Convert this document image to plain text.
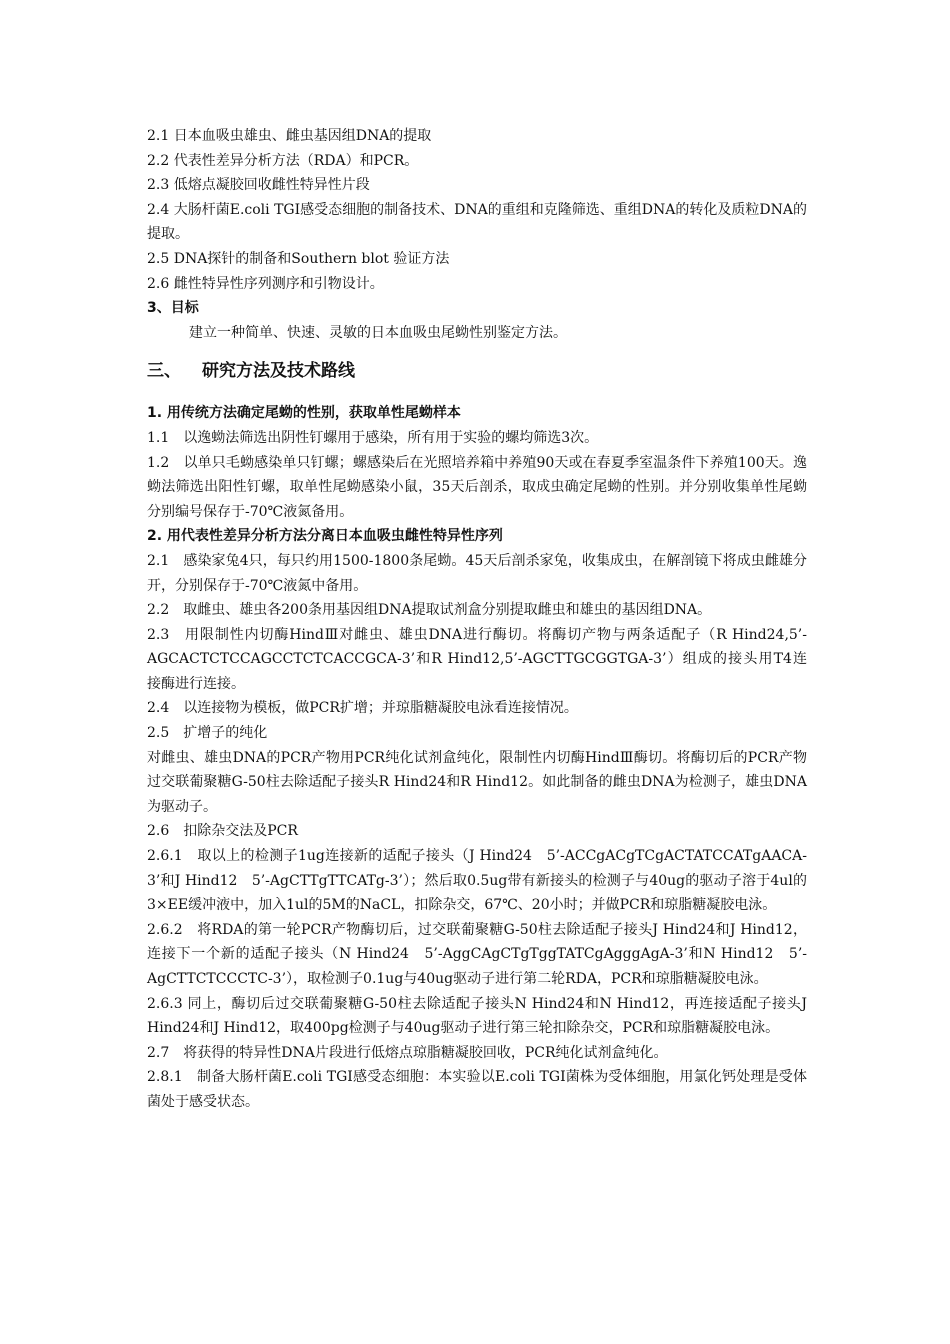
2.1 日本血吸虫雄虫、雌虫基因组DNA的提取

2.2 代表性差异分析方法（RDA）和PCR。

2.3 低熔点凝胶回收雌性特异性片段

2.4 大肠杆菌E.coli TGI感受态细胞的制备技术、DNA的重组和克隆筛选、重组DNA的转化及质粒DNA的提取。

2.5 DNA探针的制备和Southern blot 验证方法

2.6 雌性特异性序列测序和引物设计。

3、目标

建立一种简单、快速、灵敏的日本血吸虫尾蚴性别鉴定方法。

三、 研究方法及技术路线

1. 用传统方法确定尾蚴的性别，获取单性尾蚴样本

1.1　以逸蚴法筛选出阴性钉螺用于感染，所有用于实验的螺均筛选3次。

1.2　以单只毛蚴感染单只钉螺；螺感染后在光照培养箱中养殖90天或在春夏季室温条件下养殖100天。逸蚴法筛选出阳性钉螺，取单性尾蚴感染小鼠，35天后剖杀，取成虫确定尾蚴的性别。并分别收集单性尾蚴分别编号保存于-70℃液氮备用。

2. 用代表性差异分析方法分离日本血吸虫雌性特异性序列

2.1　感染家兔4只，每只约用1500-1800条尾蚴。45天后剖杀家兔，收集成虫，在解剖镜下将成虫雌雄分开，分别保存于-70℃液氮中备用。

2.2　取雌虫、雄虫各200条用基因组DNA提取试剂盒分别提取雌虫和雄虫的基因组DNA。

2.3　用限制性内切酶HindⅢ对雌虫、雄虫DNA进行酶切。将酶切产物与两条适配子（R Hind24,5’-AGCACTCTCCAGCCTCTCACCGCA-3’和R Hind12,5’-AGCTTGCGGTGA-3’）组成的接头用T4连接酶进行连接。

2.4　以连接物为模板，做PCR扩增；并琼脂糖凝胶电泳看连接情况。

2.5　扩增子的纯化

对雌虫、雄虫DNA的PCR产物用PCR纯化试剂盒纯化，限制性内切酶HindⅢ酶切。将酶切后的PCR产物过交联葡聚糖G-50柱去除适配子接头R Hind24和R Hind12。如此制备的雌虫DNA为检测子，雄虫DNA为驱动子。

2.6　扣除杂交法及PCR

2.6.1　取以上的检测子1ug连接新的适配子接头（J Hind24　5’-ACCgACgTCgACTATCCATgAACA-3’和J Hind12　5’-AgCTTgTTCATg-3’）；然后取0.5ug带有新接头的检测子与40ug的驱动子溶于4ul的3×EE缓冲液中，加入1ul的5M的NaCL，扣除杂交，67℃、20小时；并做PCR和琼脂糖凝胶电泳。

2.6.2　将RDA的第一轮PCR产物酶切后，过交联葡聚糖G-50柱去除适配子接头J Hind24和J Hind12，连接下一个新的适配子接头（N Hind24　5’-AggCAgCTgTggTATCgAgggAgA-3’和N Hind12　5’-AgCTTCTCCCTC-3’），取检测子0.1ug与40ug驱动子进行第二轮RDA，PCR和琼脂糖凝胶电泳。

2.6.3 同上，酶切后过交联葡聚糖G-50柱去除适配子接头N Hind24和N Hind12，再连接适配子接头J Hind24和J Hind12，取400pg检测子与40ug驱动子进行第三轮扣除杂交，PCR和琼脂糖凝胶电泳。

2.7　将获得的特异性DNA片段进行低熔点琼脂糖凝胶回收，PCR纯化试剂盒纯化。

2.8.1　制备大肠杆菌E.coli TGI感受态细胞：本实验以E.coli TGI菌株为受体细胞，用氯化钙处理是受体菌处于感受状态。
